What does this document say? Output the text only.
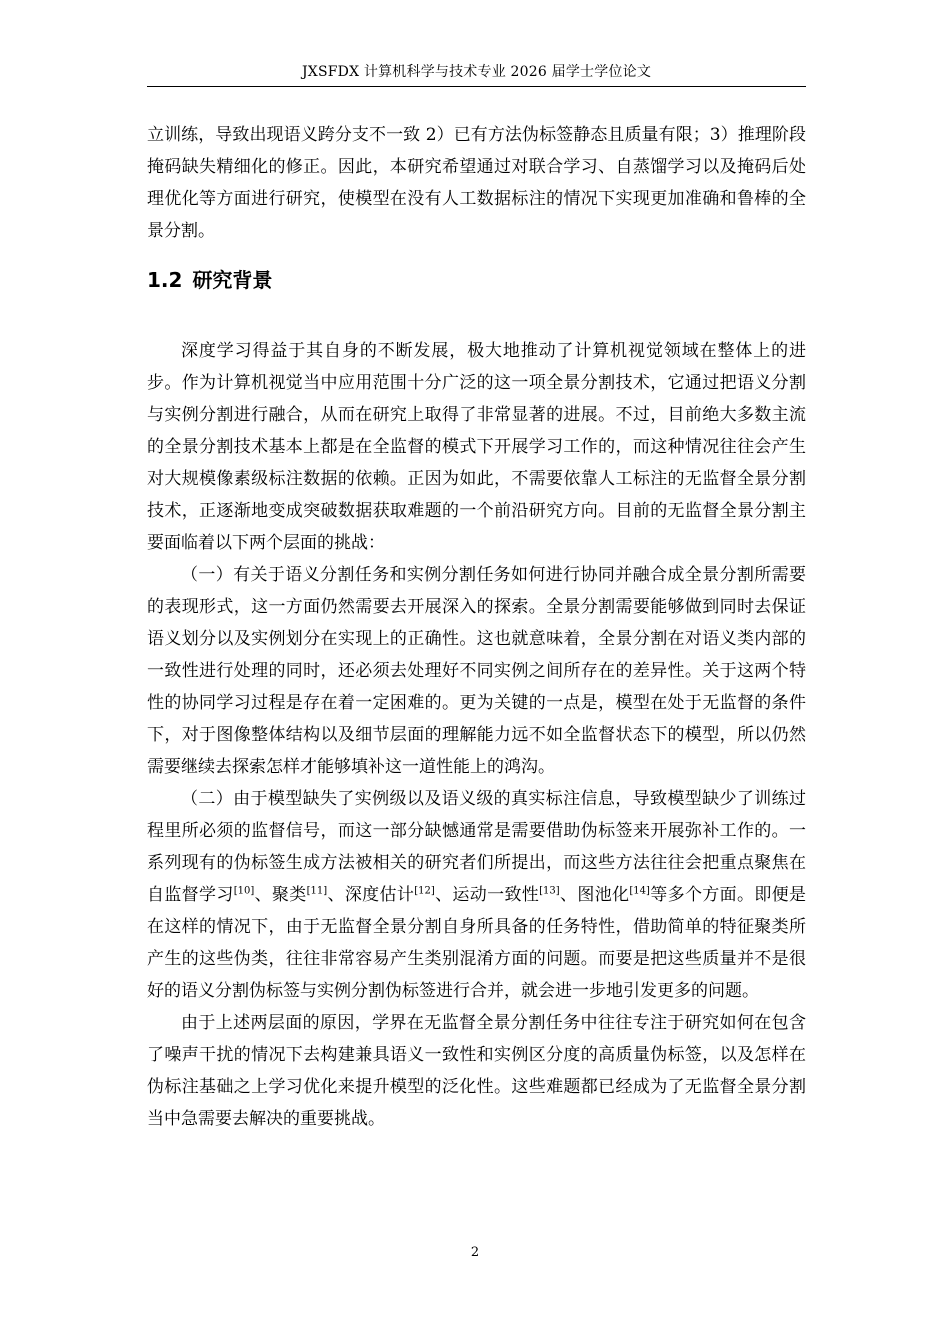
JXSFDX 计算机科学与技术专业 2026 届学士学位论文

立训练，导致出现语义跨分支不一致 2）已有方法伪标签静态且质量有限；3）推理阶段掩码缺失精细化的修正。因此，本研究希望通过对联合学习、自蒸馏学习以及掩码后处理优化等方面进行研究，使模型在没有人工数据标注的情况下实现更加准确和鲁棒的全景分割。

1.2 研究背景

深度学习得益于其自身的不断发展，极大地推动了计算机视觉领域在整体上的进步。作为计算机视觉当中应用范围十分广泛的这一项全景分割技术，它通过把语义分割与实例分割进行融合，从而在研究上取得了非常显著的进展。不过，目前绝大多数主流的全景分割技术基本上都是在全监督的模式下开展学习工作的，而这种情况往往会产生对大规模像素级标注数据的依赖。正因为如此，不需要依靠人工标注的无监督全景分割技术，正逐渐地变成突破数据获取难题的一个前沿研究方向。目前的无监督全景分割主要面临着以下两个层面的挑战：

（一）有关于语义分割任务和实例分割任务如何进行协同并融合成全景分割所需要的表现形式，这一方面仍然需要去开展深入的探索。全景分割需要能够做到同时去保证语义划分以及实例划分在实现上的正确性。这也就意味着，全景分割在对语义类内部的一致性进行处理的同时，还必须去处理好不同实例之间所存在的差异性。关于这两个特性的协同学习过程是存在着一定困难的。更为关键的一点是，模型在处于无监督的条件下，对于图像整体结构以及细节层面的理解能力远不如全监督状态下的模型，所以仍然需要继续去探索怎样才能够填补这一道性能上的鸿沟。

（二）由于模型缺失了实例级以及语义级的真实标注信息，导致模型缺少了训练过程里所必须的监督信号，而这一部分缺憾通常是需要借助伪标签来开展弥补工作的。一系列现有的伪标签生成方法被相关的研究者们所提出，而这些方法往往会把重点聚焦在自监督学习[10]、聚类[11]、深度估计[12]、运动一致性[13]、图池化[14]等多个方面。即便是在这样的情况下，由于无监督全景分割自身所具备的任务特性，借助简单的特征聚类所产生的这些伪类，往往非常容易产生类别混淆方面的问题。而要是把这些质量并不是很好的语义分割伪标签与实例分割伪标签进行合并，就会进一步地引发更多的问题。

由于上述两层面的原因，学界在无监督全景分割任务中往往专注于研究如何在包含了噪声干扰的情况下去构建兼具语义一致性和实例区分度的高质量伪标签，以及怎样在伪标注基础之上学习优化来提升模型的泛化性。这些难题都已经成为了无监督全景分割当中急需要去解决的重要挑战。

2
